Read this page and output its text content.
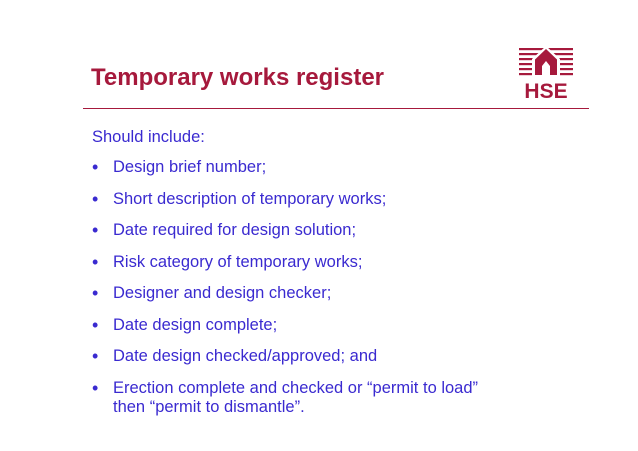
Temporary works register
HSE
Should include:
• Design brief number;
• Short description of temporary works;
• Date required for design solution;
• Risk category of temporary works;
• Designer and design checker;
• Date design complete;
• Date design checked/approved; and
• Erection complete and checked or “permit to load” then “permit to dismantle”.
